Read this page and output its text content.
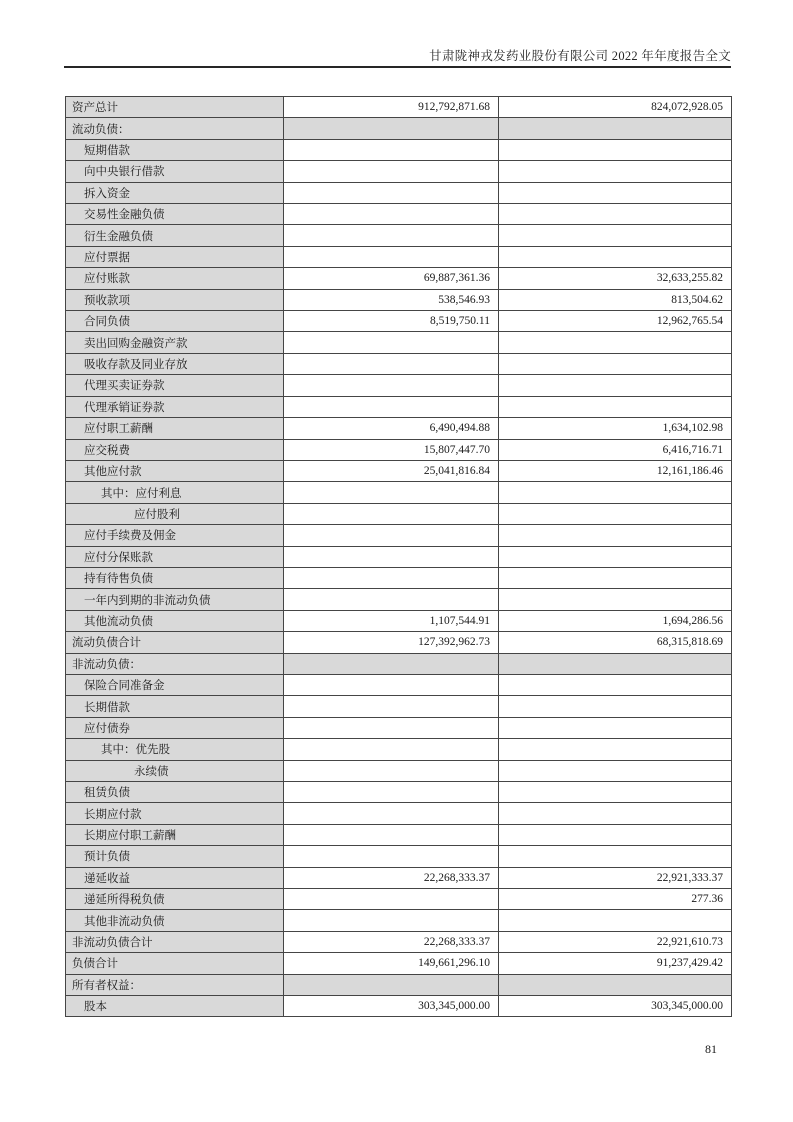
甘肃陇神戎发药业股份有限公司 2022 年年度报告全文
资产总计	912,792,871.68	824,072,928.05
流动负债：		
短期借款		
向中央银行借款		
拆入资金		
交易性金融负债		
衍生金融负债		
应付票据		
应付账款	69,887,361.36	32,633,255.82
预收款项	538,546.93	813,504.62
合同负债	8,519,750.11	12,962,765.54
卖出回购金融资产款		
吸收存款及同业存放		
代理买卖证券款		
代理承销证券款		
应付职工薪酬	6,490,494.88	1,634,102.98
应交税费	15,807,447.70	6,416,716.71
其他应付款	25,041,816.84	12,161,186.46
其中：应付利息		
应付股利		
应付手续费及佣金		
应付分保账款		
持有待售负债		
一年内到期的非流动负债		
其他流动负债	1,107,544.91	1,694,286.56
流动负债合计	127,392,962.73	68,315,818.69
非流动负债：		
保险合同准备金		
长期借款		
应付债券		
其中：优先股		
永续债		
租赁负债		
长期应付款		
长期应付职工薪酬		
预计负债		
递延收益	22,268,333.37	22,921,333.37
递延所得税负债		277.36
其他非流动负债		
非流动负债合计	22,268,333.37	22,921,610.73
负债合计	149,661,296.10	91,237,429.42
所有者权益：		
股本	303,345,000.00	303,345,000.00
81
